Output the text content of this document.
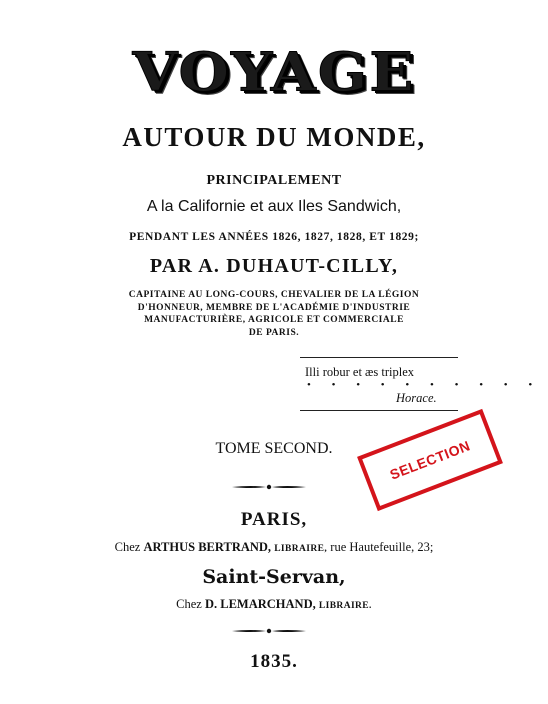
VOYAGE
AUTOUR DU MONDE,
PRINCIPALEMENT
A la Californie et aux Iles Sandwich,
PENDANT LES ANNÉES 1826, 1827, 1828, ET 1829;
PAR A. DUHAUT-CILLY,
CAPITAINE AU LONG-COURS, CHEVALIER DE LA LÉGION
D'HONNEUR, MEMBRE DE L'ACADÉMIE D'INDUSTRIE
MANUFACTURIÈRE, AGRICOLE ET COMMERCIALE
DE PARIS.
Illi robur et æs triplex
• • • • • • • • • •
Horace.
TOME SECOND.
PARIS,
Chez ARTHUS BERTRAND, LIBRAIRE, rue Hautefeuille, 23;
Saint-Servan,
Chez D. LEMARCHAND, LIBRAIRE.
1835.
SELECTION
